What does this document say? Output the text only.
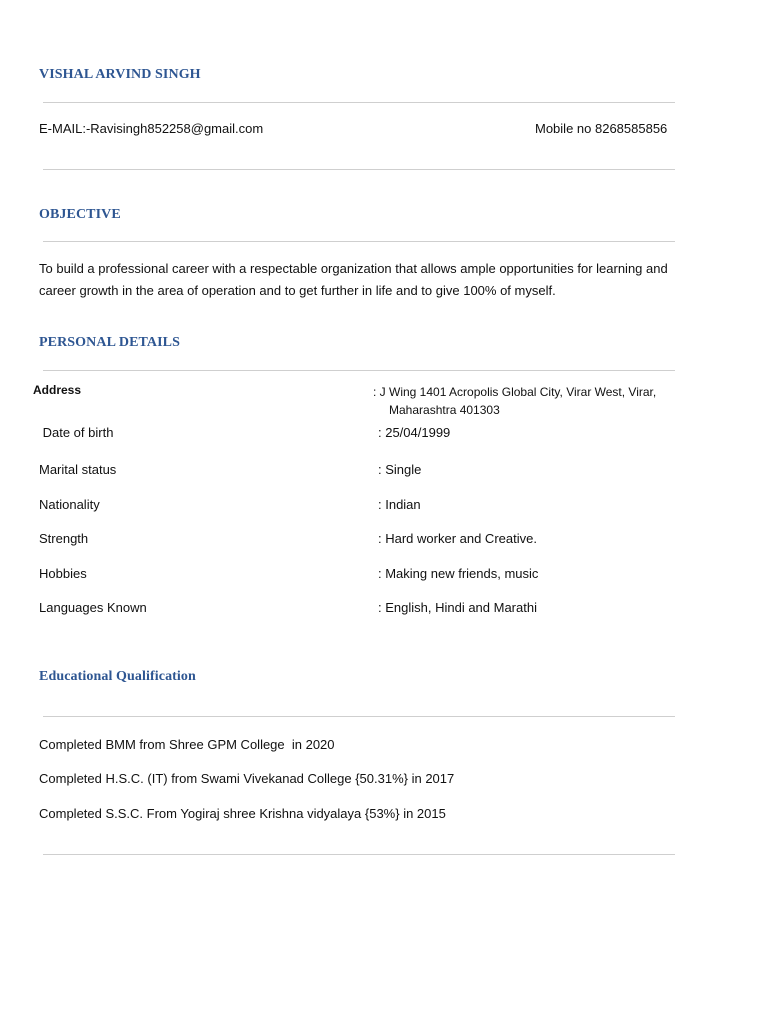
VISHAL ARVIND SINGH
E-MAIL:-Ravisingh852258@gmail.com	Mobile no 8268585856
OBJECTIVE
To build a professional career with a respectable organization that allows ample opportunities for learning and career growth in the area of operation and to get further in life and to give 100% of myself.
PERSONAL DETAILS
Address	: J Wing 1401 Acropolis Global City, Virar West, Virar,
Maharashtra 401303
Date of birth	: 25/04/1999
Marital status	: Single
Nationality	: Indian
Strength	: Hard worker and Creative.
Hobbies	: Making new friends, music
Languages Known	: English, Hindi and Marathi
Educational Qualification
Completed BMM from Shree GPM College  in 2020
Completed H.S.C. (IT) from Swami Vivekanad College {50.31%} in 2017
Completed S.S.C. From Yogiraj shree Krishna vidyalaya {53%} in 2015
